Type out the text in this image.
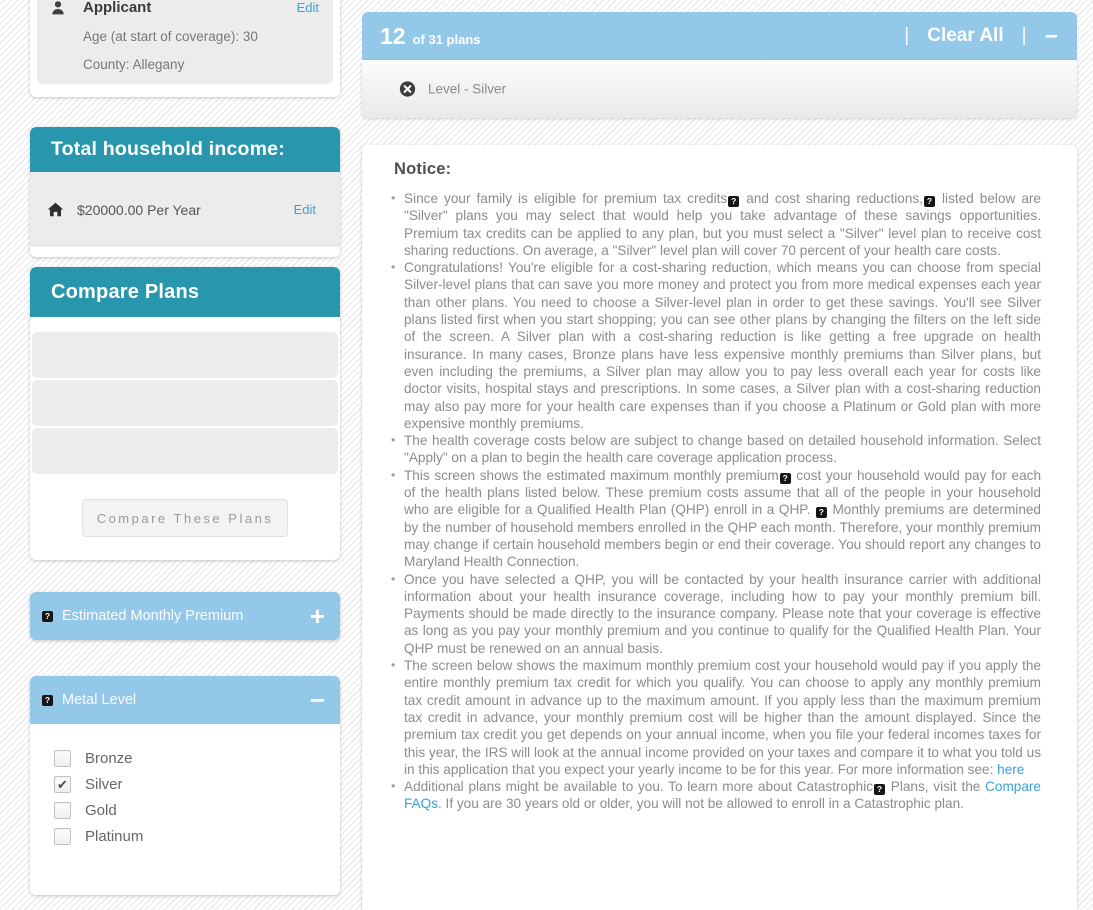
Applicant	Edit
Age (at start of coverage): 30
County: Allegany
Total household income:
$20000.00 Per Year	Edit
Compare Plans
Compare These Plans
? Estimated Monthly Premium	+
? Metal Level	−
Bronze
✔ Silver
Gold
Platinum
12 of 31 plans	| Clear All | −
Level - Silver
Notice:
• Since your family is eligible for premium tax credits ? and cost sharing reductions, ? listed below are "Silver" plans you may select that would help you take advantage of these savings opportunities. Premium tax credits can be applied to any plan, but you must select a "Silver" level plan to receive cost sharing reductions. On average, a "Silver" level plan will cover 70 percent of your health care costs.
• Congratulations! You're eligible for a cost-sharing reduction, which means you can choose from special Silver-level plans that can save you more money and protect you from more medical expenses each year than other plans. You need to choose a Silver-level plan in order to get these savings. You'll see Silver plans listed first when you start shopping; you can see other plans by changing the filters on the left side of the screen. A Silver plan with a cost-sharing reduction is like getting a free upgrade on health insurance. In many cases, Bronze plans have less expensive monthly premiums than Silver plans, but even including the premiums, a Silver plan may allow you to pay less overall each year for costs like doctor visits, hospital stays and prescriptions. In some cases, a Silver plan with a cost-sharing reduction may also pay more for your health care expenses than if you choose a Platinum or Gold plan with more expensive monthly premiums.
• The health coverage costs below are subject to change based on detailed household information. Select "Apply" on a plan to begin the health care coverage application process.
• This screen shows the estimated maximum monthly premium ? cost your household would pay for each of the health plans listed below. These premium costs assume that all of the people in your household who are eligible for a Qualified Health Plan (QHP) enroll in a QHP. ? Monthly premiums are determined by the number of household members enrolled in the QHP each month. Therefore, your monthly premium may change if certain household members begin or end their coverage. You should report any changes to Maryland Health Connection.
• Once you have selected a QHP, you will be contacted by your health insurance carrier with additional information about your health insurance coverage, including how to pay your monthly premium bill. Payments should be made directly to the insurance company. Please note that your coverage is effective as long as you pay your monthly premium and you continue to qualify for the Qualified Health Plan. Your QHP must be renewed on an annual basis.
• The screen below shows the maximum monthly premium cost your household would pay if you apply the entire monthly premium tax credit for which you qualify. You can choose to apply any monthly premium tax credit amount in advance up to the maximum amount. If you apply less than the maximum premium tax credit in advance, your monthly premium cost will be higher than the amount displayed. Since the premium tax credit you get depends on your annual income, when you file your federal incomes taxes for this year, the IRS will look at the annual income provided on your taxes and compare it to what you told us in this application that you expect your yearly income to be for this year. For more information see: here
• Additional plans might be available to you. To learn more about Catastrophic ? Plans, visit the Compare FAQs. If you are 30 years old or older, you will not be allowed to enroll in a Catastrophic plan.
